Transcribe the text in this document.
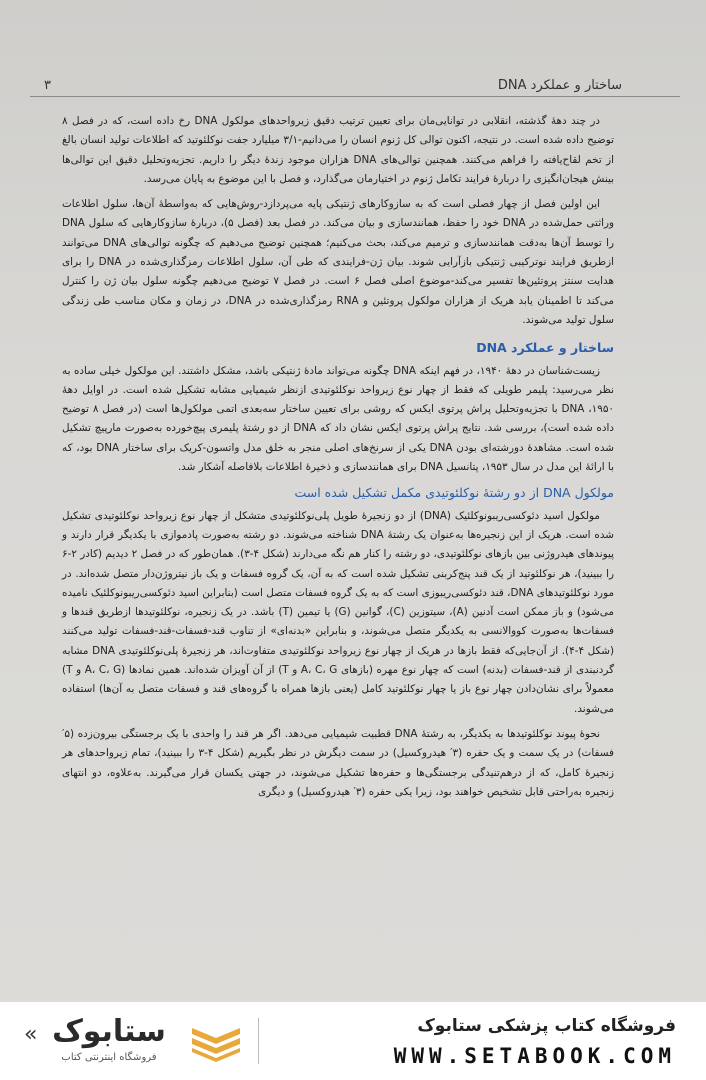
۳	ساختار و عملکرد DNA

در چند دههٔ گذشته، انقلابی در توانایی‌مان برای تعیین ترتیب دقیق زیرواحدهای مولکول DNA رخ داده است، که در فصل ۸ توضیح داده شده است. در نتیجه، اکنون توالی کل ژنوم انسان را می‌دانیم-۳/۱ میلیارد جفت نوکلئوتید که اطلاعات تولید انسان بالغ از تخم لقاح‌یافته را فراهم می‌کنند. همچنین توالی‌های DNA هزاران موجود زندهٔ دیگر را داریم. تجزیه‌وتحلیل دقیق این توالی‌ها بینش هیجان‌انگیزی را دربارهٔ فرایند تکامل ژنوم در اختیارمان می‌گذارد، و فصل با این موضوع به پایان می‌رسد.

این اولین فصل از چهار فصلی است که به سازوکارهای ژنتیکی پایه می‌پردازد-روش‌هایی که به‌واسطهٔ آن‌ها، سلول اطلاعات وراثتی حمل‌شده در DNA خود را حفظ، همانندسازی و بیان می‌کند. در فصل بعد (فصل ۵)، دربارهٔ سازوکارهایی که سلول DNA را توسط آن‌ها به‌دقت همانندسازی و ترمیم می‌کند، بحث می‌کنیم؛ همچنین توضیح می‌دهیم که چگونه توالی‌های DNA می‌توانند ازطریق فرایند نوترکیبی ژنتیکی بازآرایی شوند. بیان ژن-فرایندی که طی آن، سلول اطلاعات رمزگذاری‌شده در DNA را برای هدایت سنتز پروتئین‌ها تفسیر می‌کند-موضوع اصلی فصل ۶ است. در فصل ۷ توضیح می‌دهیم چگونه سلول بیان ژن را کنترل می‌کند تا اطمینان یابد هریک از هزاران مولکول پروتئین و RNA رمزگذاری‌شده در DNA، در زمان و مکان مناسب طی زندگی سلول تولید می‌شوند.

ساختار و عملکرد DNA

زیست‌شناسان در دههٔ ۱۹۴۰، در فهم اینکه DNA چگونه می‌تواند مادهٔ ژنتیکی باشد، مشکل داشتند. این مولکول خیلی ساده به نظر می‌رسید: پلیمر طویلی که فقط از چهار نوع زیرواحد نوکلئوتیدی ازنظر شیمیایی مشابه تشکیل شده است. در اوایل دههٔ ۱۹۵۰، DNA با تجزیه‌وتحلیل پراش پرتوی ایکس که روشی برای تعیین ساختار سه‌بعدی اتمی مولکول‌ها است (در فصل ۸ توضیح داده شده است)، بررسی شد. نتایج پراش پرتوی ایکس نشان داد که DNA از دو رشتهٔ پلیمری پیچ‌خورده به‌صورت مارپیچ تشکیل شده است. مشاهدهٔ دورشته‌ای بودن DNA یکی از سرنخ‌های اصلی منجر به خلق مدل واتسون-کریک برای ساختار DNA بود، که با ارائهٔ این مدل در سال ۱۹۵۳، پتانسیل DNA برای همانندسازی و ذخیرهٔ اطلاعات بلافاصله آشکار شد.

مولکول DNA از دو رشتهٔ نوکلئوتیدی مکمل تشکیل شده است

مولکول اسید دئوکسی‌ریبونوکلئیک (DNA) از دو زنجیرهٔ طویل پلی‌نوکلئوتیدی متشکل از چهار نوع زیرواحد نوکلئوتیدی تشکیل شده است. هریک از این زنجیره‌ها به‌عنوان یک رشتهٔ DNA شناخته می‌شوند. دو رشته به‌صورت پادموازی با یکدیگر قرار دارند و پیوندهای هیدروژنی بین بازهای نوکلئوتیدی، دو رشته را کنار هم نگه می‌دارند (شکل ۴-۳). همان‌طور که در فصل ۲ دیدیم (کادر ۲-۶ را ببینید)، هر نوکلئوتید از یک قند پنج‌کربنی تشکیل شده است که به آن، یک گروه فسفات و یک باز نیتروژن‌دار متصل شده‌اند. در مورد نوکلئوتیدهای DNA، قند دئوکسی‌ریبوزی است که به یک گروه فسفات متصل است (بنابراین اسید دئوکسی‌ریبونوکلئیک نامیده می‌شود) و باز ممکن است آدنین (A)، سیتوزین (C)، گوانین (G) یا تیمین (T) باشد. در یک زنجیره، نوکلئوتیدها ازطریق قندها و فسفات‌ها به‌صورت کووالانسی به یکدیگر متصل می‌شوند، و بنابراین «بدنه‌ای» از تناوب قند-فسفات-قند-فسفات تولید می‌کنند (شکل ۴-۴). از آن‌جایی‌که فقط بازها در هریک از چهار نوع زیرواحد نوکلئوتیدی متفاوت‌اند، هر زنجیرهٔ پلی‌نوکلئوتیدی DNA مشابه گردنبندی از قند-فسفات (بدنه) است که چهار نوع مهره (بازهای A، C، G و T) از آن آویزان شده‌اند. همین نمادها (A، C، G و T) معمولاً برای نشان‌دادن چهار نوع باز یا چهار نوکلئوتید کامل (یعنی بازها همراه با گروه‌های قند و فسفات متصل به آن‌ها) استفاده می‌شوند.

نحوهٔ پیوند نوکلئوتیدها به یکدیگر، به رشتهٔ DNA قطبیت شیمیایی می‌دهد. اگر هر قند را واحدی با یک برجستگی بیرون‌زده (۵′ فسفات) در یک سمت و یک حفره (۳′ هیدروکسیل) در سمت دیگرش در نظر بگیریم (شکل ۴-۳ را ببینید)، تمام زیرواحدهای هر زنجیرهٔ کامل، که از درهم‌تنیدگی برجستگی‌ها و حفره‌ها تشکیل می‌شوند، در جهتی یکسان قرار می‌گیرند. به‌علاوه، دو انتهای زنجیره به‌راحتی قابل تشخیص خواهند بود، زیرا یکی حفره (۳′ هیدروکسیل) و دیگری

« ستابوک
فروشگاه اینترنتی کتاب
فروشگاه کتاب پزشکی ستابوک
WWW.SETABOOK.COM
